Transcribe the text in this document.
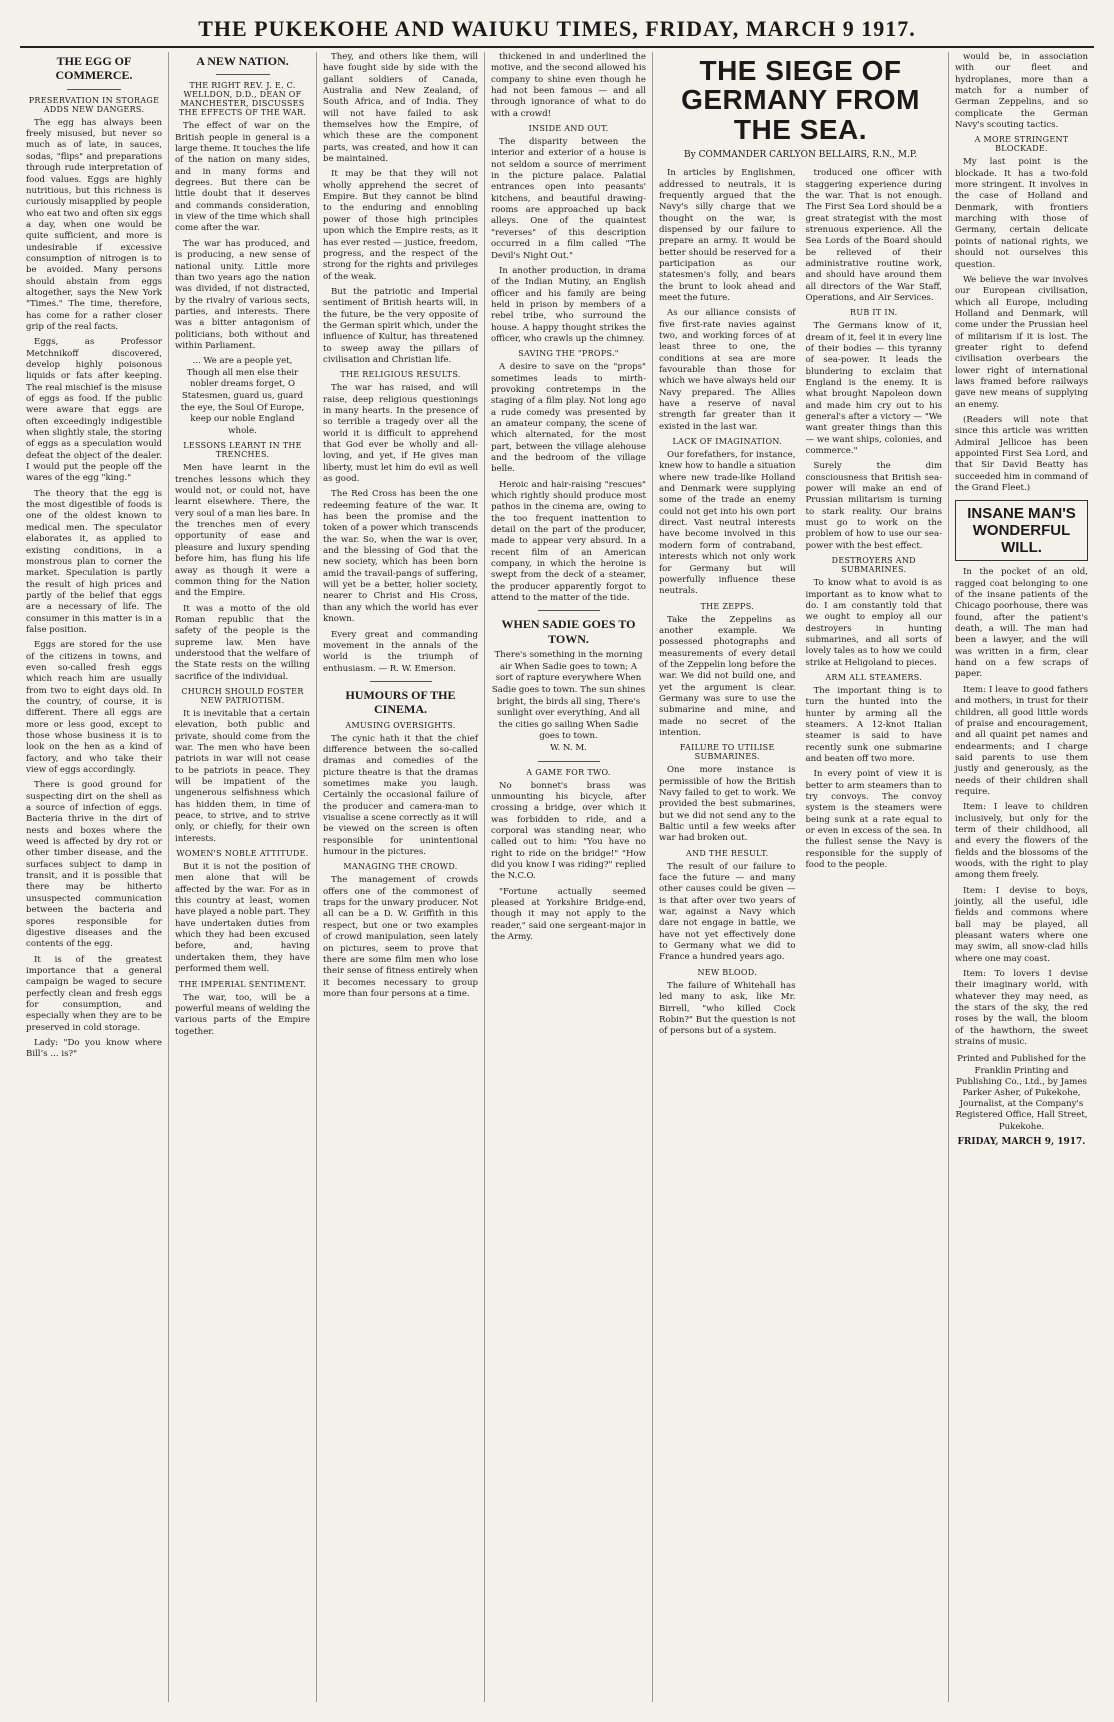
THE PUKEKOHE AND WAIUKU TIMES, FRIDAY, MARCH 9 1917.
THE EGG OF COMMERCE.
PRESERVATION IN STORAGE ADDS NEW DANGERS.

The egg has always been freely misused, but never so much as of late, in sauces, sodas, "flips" and preparations through rude interpretation of food values. Eggs are highly nutritious, but this richness is curiously misapplied by people who eat two and often six eggs a day, when one would be quite sufficient, and more is undesirable if excessive consumption of nitrogen is to be avoided. Many persons should abstain from eggs altogether, says the New York "Times." The time, therefore, has come for a rather closer grip of the real facts.

Eggs, as Professor Metchnikoff discovered, develop highly poisonous liquids or fats after keeping. The real mischief is the misuse of eggs as food. If the public were aware that eggs are often exceedingly indigestible when slightly stale, the storing of eggs as a speculation would defeat the object of the dealer. I would put the people off the wares of the egg "king."

The theory that the egg is the most digestible of foods is one of the oldest known to medical men. The speculator elaborates it, as applied to existing conditions, in a monstrous plan to corner the market. Speculation is partly the result of high prices and partly of the belief that eggs are a necessary of life. The consumer in this matter is in a false position.

Eggs are stored for the use of the citizens in towns, and even so-called fresh eggs which reach him are usually from two to eight days old. In the country, of course, it is different. There all eggs are more or less good, except to those whose business it is to look on the hen as a kind of factory, and who take their view of eggs accordingly.

There is good ground for suspecting dirt on the shell as a source of infection of eggs. Bacteria thrive in the dirt of nests and boxes where the weed is affected by dry rot or other timber disease, and the surfaces subject to damp in transit, and it is possible that there may be hitherto unsuspected communication between the bacteria and spores responsible for digestive diseases and the contents of the egg.

It is of the greatest importance that a general campaign be waged to secure perfectly clean and fresh eggs for consumption, and especially when they are to be preserved in cold storage.

Lady: "Do you know where Bill’s ... is?"

A NEW NATION.
THE RIGHT REV. J. E. C. WELLDON, D.D., DEAN OF MANCHESTER, DISCUSSES THE EFFECTS OF THE WAR.

The effect of war on the British people in general is a large theme. It touches the life of the nation on many sides, and in many forms and degrees. But there can be little doubt that it deserves and commands consideration, in view of the time which shall come after the war.

The war has produced, and is producing, a new sense of national unity. Little more than two years ago the nation was divided, if not distracted, by the rivalry of various sects, parties, and interests. There was a bitter antagonism of politicians, both without and within Parliament.

... We are a people yet, Though all men else their nobler dreams forget, O Statesmen, guard us, guard the eye, the Soul Of Europe, keep our noble England whole.

LESSONS LEARNT IN THE TRENCHES.

Men have learnt in the trenches lessons which they would not, or could not, have learnt elsewhere. There, the very soul of a man lies bare. In the trenches men of every opportunity of ease and pleasure and luxury spending before him, has flung his life away as though it were a common thing for the Nation and the Empire.

It was a motto of the old Roman republic that the safety of the people is the supreme law. Men have understood that the welfare of the State rests on the willing sacrifice of the individual.

CHURCH SHOULD FOSTER NEW PATRIOTISM.

It is inevitable that a certain elevation, both public and private, should come from the war. The men who have been patriots in war will not cease to be patriots in peace. They will be impatient of the ungenerous selfishness which has hidden them, in time of peace, to strive, and to strive only, or chiefly, for their own interests.

WOMEN'S NOBLE ATTITUDE.

But it is not the position of men alone that will be affected by the war. For as in this country at least, women have played a noble part. They have undertaken duties from which they had been excused before, and, having undertaken them, they have performed them well.

THE IMPERIAL SENTIMENT.

The war, too, will be a powerful means of welding the various parts of the Empire together.

They, and others like them, will have fought side by side with the gallant soldiers of Canada, Australia and New Zealand, of South Africa, and of India. They will not have failed to ask themselves how the Empire, of which these are the component parts, was created, and how it can be maintained.

It may be that they will not wholly apprehend the secret of Empire. But they cannot be blind to the enduring and ennobling power of those high principles upon which the Empire rests, as it has ever rested — justice, freedom, progress, and the respect of the strong for the rights and privileges of the weak.

But the patriotic and Imperial sentiment of British hearts will, in the future, be the very opposite of the German spirit which, under the influence of Kultur, has threatened to sweep away the pillars of civilisation and Christian life.

THE RELIGIOUS RESULTS.

The war has raised, and will raise, deep religious questionings in many hearts. In the presence of so terrible a tragedy over all the world it is difficult to apprehend that God ever be wholly and all-loving, and yet, if He gives man liberty, must let him do evil as well as good.

The Red Cross has been the one redeeming feature of the war. It has been the promise and the token of a power which transcends the war. So, when the war is over, and the blessing of God that the new society, which has been born amid the travail-pangs of suffering, will yet be a better, holier society, nearer to Christ and His Cross, than any which the world has ever known.

Every great and commanding movement in the annals of the world is the triumph of enthusiasm. — R. W. Emerson.

HUMOURS OF THE CINEMA.
AMUSING OVERSIGHTS.

The cynic hath it that the chief difference between the so-called dramas and comedies of the picture theatre is that the dramas sometimes make you laugh. Certainly the occasional failure of the producer and camera-man to visualise a scene correctly as it will be viewed on the screen is often responsible for unintentional humour in the pictures.

MANAGING THE CROWD.

The management of crowds offers one of the commonest of traps for the unwary producer. Not all can be a D. W. Griffith in this respect, but one or two examples of crowd manipulation, seen lately on pictures, seem to prove that there are some film men who lose their sense of fitness entirely when it becomes necessary to group more than four persons at a time.

thickened in and underlined the motive, and the second allowed his company to shine even though he had not been famous — and all through ignorance of what to do with a crowd!

INSIDE AND OUT.

The disparity between the interior and exterior of a house is not seldom a source of merriment in the picture palace. Palatial entrances open into peasants' kitchens, and beautiful drawing-rooms are approached up back alleys. One of the quaintest "reverses" of this description occurred in a film called "The Devil's Night Out."

In another production, in drama of the Indian Mutiny, an English officer and his family are being held in prison by members of a rebel tribe, who surround the house. A happy thought strikes the officer, who crawls up the chimney.

SAVING THE "PROPS."

A desire to save on the "props" sometimes leads to mirth-provoking contretemps in the staging of a film play. Not long ago a rude comedy was presented by an amateur company, the scene of which alternated, for the most part, between the village alehouse and the bedroom of the village belle.

Heroic and hair-raising "rescues" which rightly should produce most pathos in the cinema are, owing to the too frequent inattention to detail on the part of the producer, made to appear very absurd. In a recent film of an American company, in which the heroine is swept from the deck of a steamer, the producer apparently forgot to attend to the matter of the tide.

WHEN SADIE GOES TO TOWN.

There's something in the morning air When Sadie goes to town; A sort of rapture everywhere When Sadie goes to town. The sun shines bright, the birds all sing, There's sunlight over everything, And all the cities go sailing When Sadie goes to town.

W. N. M.

A GAME FOR TWO.

No bonnet's brass was unmounting his bicycle, after crossing a bridge, over which it was forbidden to ride, and a corporal was standing near, who called out to him: "You have no right to ride on the bridge!" "How did you know I was riding?" replied the N.C.O.

"Fortune actually seemed pleased at Yorkshire Bridge-end, though it may not apply to the reader," said one sergeant-major in the Army.

THE SIEGE OF GERMANY FROM THE SEA.
By COMMANDER CARLYON BELLAIRS, R.N., M.P.

In articles by Englishmen, addressed to neutrals, it is frequently argued that the Navy's silly charge that we thought on the war, is dispensed by our failure to prepare an army. It would be better should be reserved for a participation as our statesmen's folly, and bears the brunt to look ahead and meet the future.

As our alliance consists of five first-rate navies against two, and working forces of at least three to one, the conditions at sea are more favourable than those for which we have always held our Navy prepared. The Allies have a reserve of naval strength far greater than it existed in the last war.

LACK OF IMAGINATION.

Our forefathers, for instance, knew how to handle a situation where new trade-like Holland and Denmark were supplying some of the trade an enemy could not get into his own port direct. Vast neutral interests have become involved in this modern form of contraband, interests which not only work for Germany but will powerfully influence these neutrals.

THE ZEPPS.

Take the Zeppelins as another example. We possessed photographs and measurements of every detail of the Zeppelin long before the war. We did not build one, and yet the argument is clear. Germany was sure to use the submarine and mine, and made no secret of the intention.

FAILURE TO UTILISE SUBMARINES.

One more instance is permissible of how the British Navy failed to get to work. We provided the best submarines, but we did not send any to the Baltic until a few weeks after war had broken out.

AND THE RESULT.

The result of our failure to face the future — and many other causes could be given — is that after over two years of war, against a Navy which dare not engage in battle, we have not yet effectively done to Germany what we did to France a hundred years ago.

NEW BLOOD.

The failure of Whitehall has led many to ask, like Mr. Birrell, "who killed Cock Robin?" But the question is not of persons but of a system.

troduced one officer with staggering experience during the war. That is not enough. The First Sea Lord should be a great strategist with the most strenuous experience. All the Sea Lords of the Board should be relieved of their administrative routine work, and should have around them all directors of the War Staff, Operations, and Air Services.

RUB IT IN.

The Germans know of it, dream of it, feel it in every line of their bodies — this tyranny of sea-power. It leads the blundering to exclaim that England is the enemy. It is what brought Napoleon down and made him cry out to his general's after a victory — "We want greater things than this — we want ships, colonies, and commerce."

Surely the dim consciousness that British sea-power will make an end of Prussian militarism is turning to stark reality. Our brains must go to work on the problem of how to use our sea-power with the best effect.

DESTROYERS AND SUBMARINES.

To know what to avoid is as important as to know what to do. I am constantly told that we ought to employ all our destroyers in hunting submarines, and all sorts of lovely tales as to how we could strike at Heligoland to pieces.

ARM ALL STEAMERS.

The important thing is to turn the hunted into the hunter by arming all the steamers. A 12-knot Italian steamer is said to have recently sunk one submarine and beaten off two more.

In every point of view it is better to arm steamers than to try convoys. The convoy system is the steamers were being sunk at a rate equal to or even in excess of the sea. In the fullest sense the Navy is responsible for the supply of food to the people.

would be, in association with our fleet and hydroplanes, more than a match for a number of German Zeppelins, and so complicate the German Navy's scouting tactics.

A MORE STRINGENT BLOCKADE.

My last point is the blockade. It has a two-fold more stringent. It involves in the case of Holland and Denmark, with frontiers marching with those of Germany, certain delicate points of national rights, we should not ourselves this question.

We believe the war involves our European civilisation, which all Europe, including Holland and Denmark, will come under the Prussian heel of militarism if it is lost. The greater right to defend civilisation overbears the lower right of international laws framed before railways gave new means of supplying an enemy.

(Readers will note that since this article was written Admiral Jellicoe has been appointed First Sea Lord, and that Sir David Beatty has succeeded him in command of the Grand Fleet.)

INSANE MAN'S WONDERFUL WILL.

In the pocket of an old, ragged coat belonging to one of the insane patients of the Chicago poorhouse, there was found, after the patient's death, a will. The man had been a lawyer, and the will was written in a firm, clear hand on a few scraps of paper.

Item: I leave to good fathers and mothers, in trust for their children, all good little words of praise and encouragement, and all quaint pet names and endearments; and I charge said parents to use them justly and generously, as the needs of their children shall require.

Item: I leave to children inclusively, but only for the term of their childhood, all and every the flowers of the fields and the blossoms of the woods, with the right to play among them freely.

Item: I devise to boys, jointly, all the useful, idle fields and commons where ball may be played, all pleasant waters where one may swim, all snow-clad hills where one may coast.

Item: To lovers I devise their imaginary world, with whatever they may need, as the stars of the sky, the red roses by the wall, the bloom of the hawthorn, the sweet strains of music.

Printed and Published for the Franklin Printing and Publishing Co., Ltd., by James Parker Asher, of Pukekohe, Journalist, at the Company's Registered Office, Hall Street, Pukekohe.
FRIDAY, MARCH 9, 1917.
